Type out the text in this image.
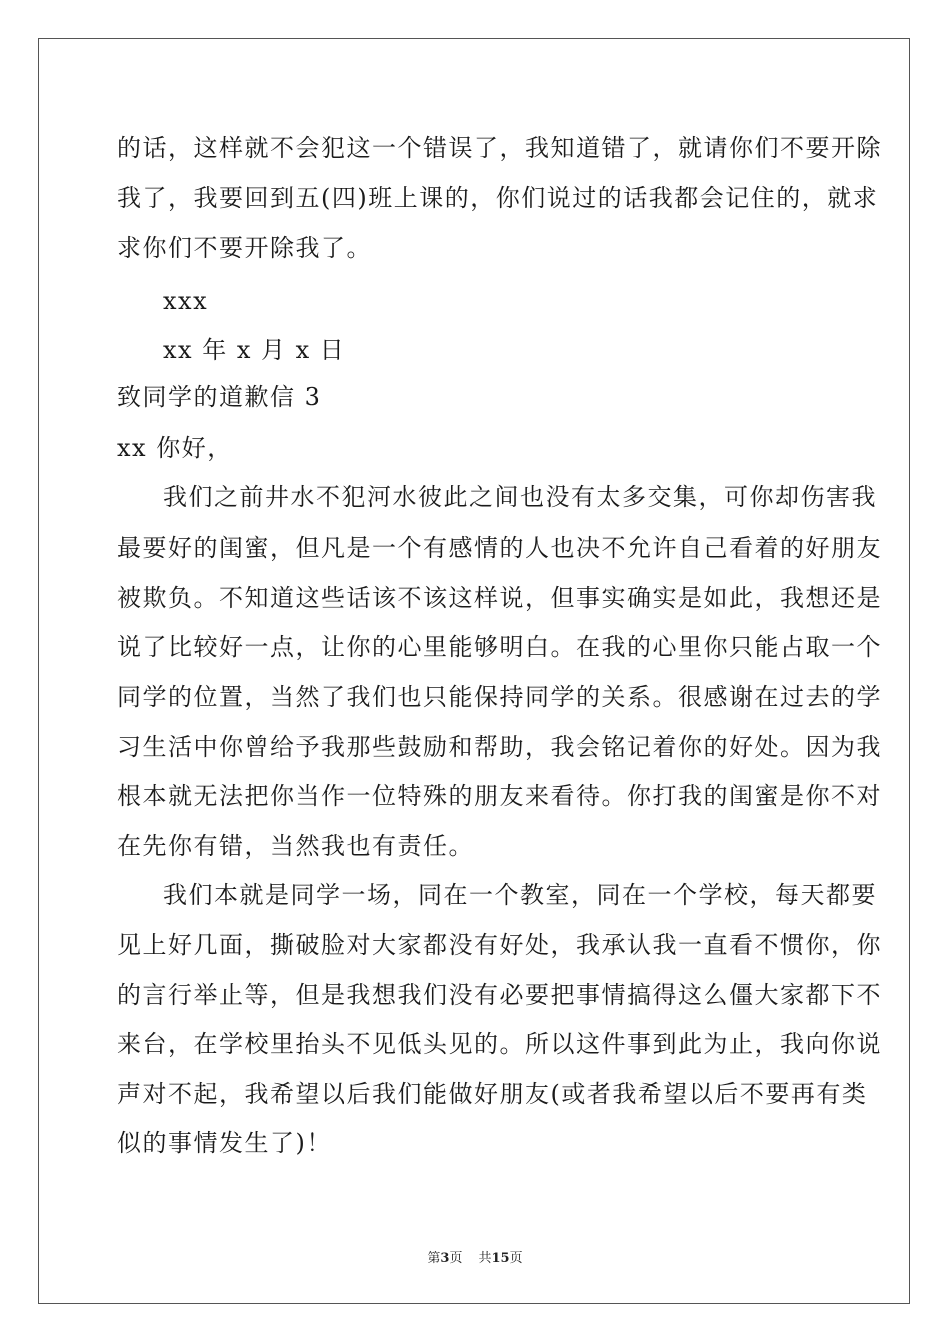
的话，这样就不会犯这一个错误了，我知道错了，就请你们不要开除

我了，我要回到五(四)班上课的，你们说过的话我都会记住的，就求

求你们不要开除我了。

xxx

xx 年 x 月 x 日

致同学的道歉信 3

xx 你好，

我们之前井水不犯河水彼此之间也没有太多交集，可你却伤害我

最要好的闺蜜，但凡是一个有感情的人也决不允许自己看着的好朋友

被欺负。不知道这些话该不该这样说，但事实确实是如此，我想还是

说了比较好一点，让你的心里能够明白。在我的心里你只能占取一个

同学的位置，当然了我们也只能保持同学的关系。很感谢在过去的学

习生活中你曾给予我那些鼓励和帮助，我会铭记着你的好处。因为我

根本就无法把你当作一位特殊的朋友来看待。你打我的闺蜜是你不对

在先你有错，当然我也有责任。

我们本就是同学一场，同在一个教室，同在一个学校，每天都要

见上好几面，撕破脸对大家都没有好处，我承认我一直看不惯你，你

的言行举止等，但是我想我们没有必要把事情搞得这么僵大家都下不

来台，在学校里抬头不见低头见的。所以这件事到此为止，我向你说

声对不起，我希望以后我们能做好朋友(或者我希望以后不要再有类

似的事情发生了)！

第3页 共15页
